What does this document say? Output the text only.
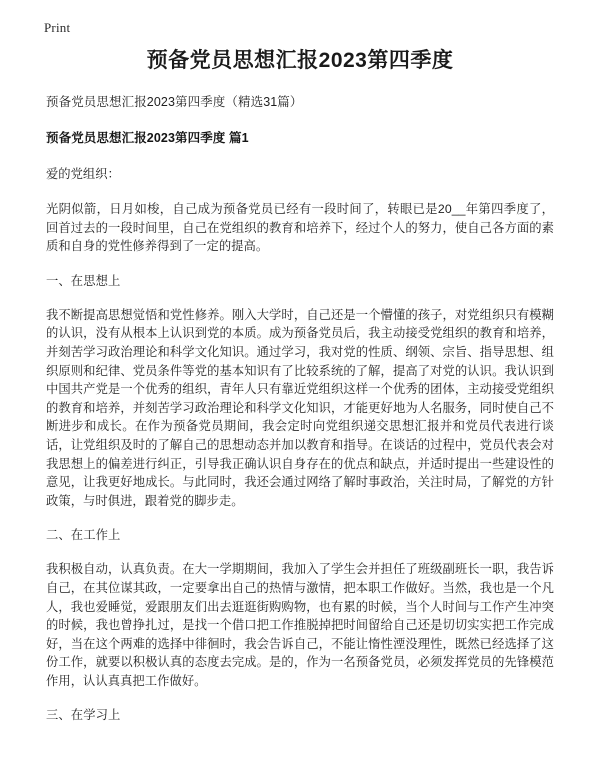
Print
预备党员思想汇报2023第四季度

预备党员思想汇报2023第四季度（精选31篇）

预备党员思想汇报2023第四季度 篇1

爱的党组织：

光阴似箭，日月如梭，自己成为预备党员已经有一段时间了，转眼已是20__年第四季度了，回首过去的一段时间里，自己在党组织的教育和培养下，经过个人的努力，使自己各方面的素质和自身的党性修养得到了一定的提高。

一、在思想上

我不断提高思想觉悟和党性修养。刚入大学时，自己还是一个懵懂的孩子，对党组织只有模糊的认识，没有从根本上认识到党的本质。成为预备党员后，我主动接受党组织的教育和培养，并刻苦学习政治理论和科学文化知识。通过学习，我对党的性质、纲领、宗旨、指导思想、组织原则和纪律、党员条件等党的基本知识有了比较系统的了解，提高了对党的认识。我认识到中国共产党是一个优秀的组织，青年人只有靠近党组织这样一个优秀的团体，主动接受党组织的教育和培养，并刻苦学习政治理论和科学文化知识，才能更好地为人名服务，同时使自己不断进步和成长。在作为预备党员期间，我会定时向党组织递交思想汇报并和党员代表进行谈话，让党组织及时的了解自己的思想动态并加以教育和指导。在谈话的过程中，党员代表会对我思想上的偏差进行纠正，引导我正确认识自身存在的优点和缺点，并适时提出一些建设性的意见，让我更好地成长。与此同时，我还会通过网络了解时事政治，关注时局，了解党的方针政策，与时俱进，跟着党的脚步走。

二、在工作上

我积极自动，认真负责。在大一学期期间，我加入了学生会并担任了班级副班长一职，我告诉自己，在其位谋其政，一定要拿出自己的热情与激情，把本职工作做好。当然，我也是一个凡人，我也爱睡觉，爱跟朋友们出去逛逛街购购物，也有累的时候，当个人时间与工作产生冲突的时候，我也曾挣扎过，是找一个借口把工作推脱掉把时间留给自己还是切切实实把工作完成好，当在这个两难的选择中徘徊时，我会告诉自己，不能让惰性湮没理性，既然已经选择了这份工作，就要以积极认真的态度去完成。是的，作为一名预备党员，必须发挥党员的先锋模范作用，认认真真把工作做好。

三、在学习上
